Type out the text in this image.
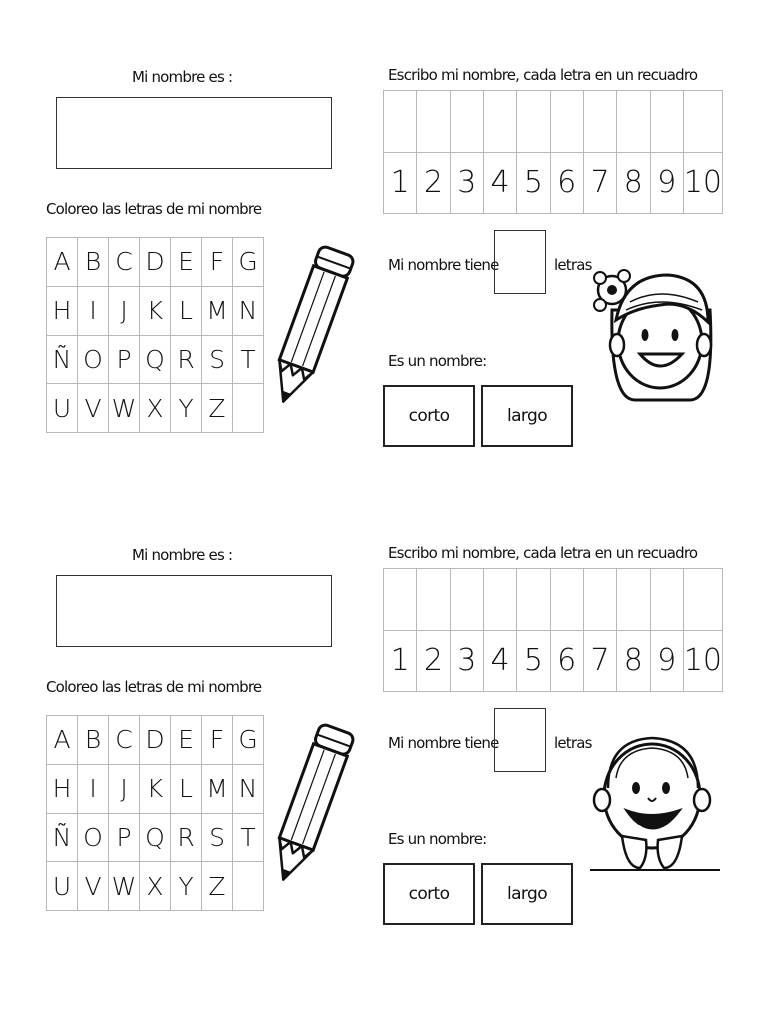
Mi nombre es :
Coloreo las letras de mi nombre
A B C D E F G
H I J K L M N
Ñ O P Q R S T
U V W X Y Z
Escribo mi nombre, cada letra en un recuadro
1 2 3 4 5 6 7 8 9 10
Mi nombre tiene	letras
Es un nombre:
corto	largo
Mi nombre es :
Coloreo las letras de mi nombre
A B C D E F G
H I J K L M N
Ñ O P Q R S T
U V W X Y Z
Escribo mi nombre, cada letra en un recuadro
1 2 3 4 5 6 7 8 9 10
Mi nombre tiene	letras
Es un nombre:
corto	largo
